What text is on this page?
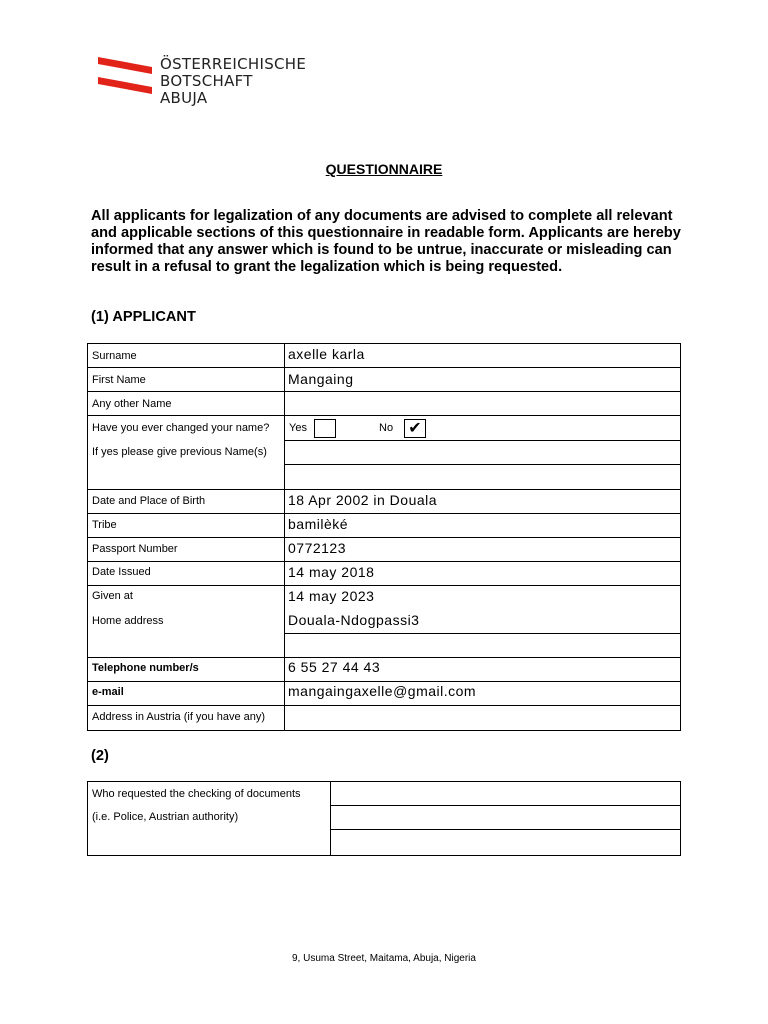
ÖSTERREICHISCHE
BOTSCHAFT
ABUJA
QUESTIONNAIRE
All applicants for legalization of any documents are advised to complete all relevant and applicable sections of this questionnaire in readable form. Applicants are hereby informed that any answer which is found to be untrue, inaccurate or misleading can result in a refusal to grant the legalization which is being requested.
(1) APPLICANT
Surname	axelle karla
First Name	Mangaing
Any other Name
Have you ever changed your name? Yes	No ✔
If yes please give previous Name(s)
Date and Place of Birth	18 Apr 2002 in Douala
Tribe	bamilèké
Passport Number	0772123
Date Issued	14 may 2018
Given at	14 may 2023
Home address	Douala-Ndogpassi3
Telephone number/s	6 55 27 44 43
e-mail	mangaingaxelle@gmail.com
Address in Austria (if you have any)
(2)
Who requested the checking of documents
(i.e. Police, Austrian authority)
9, Usuma Street, Maitama, Abuja, Nigeria
